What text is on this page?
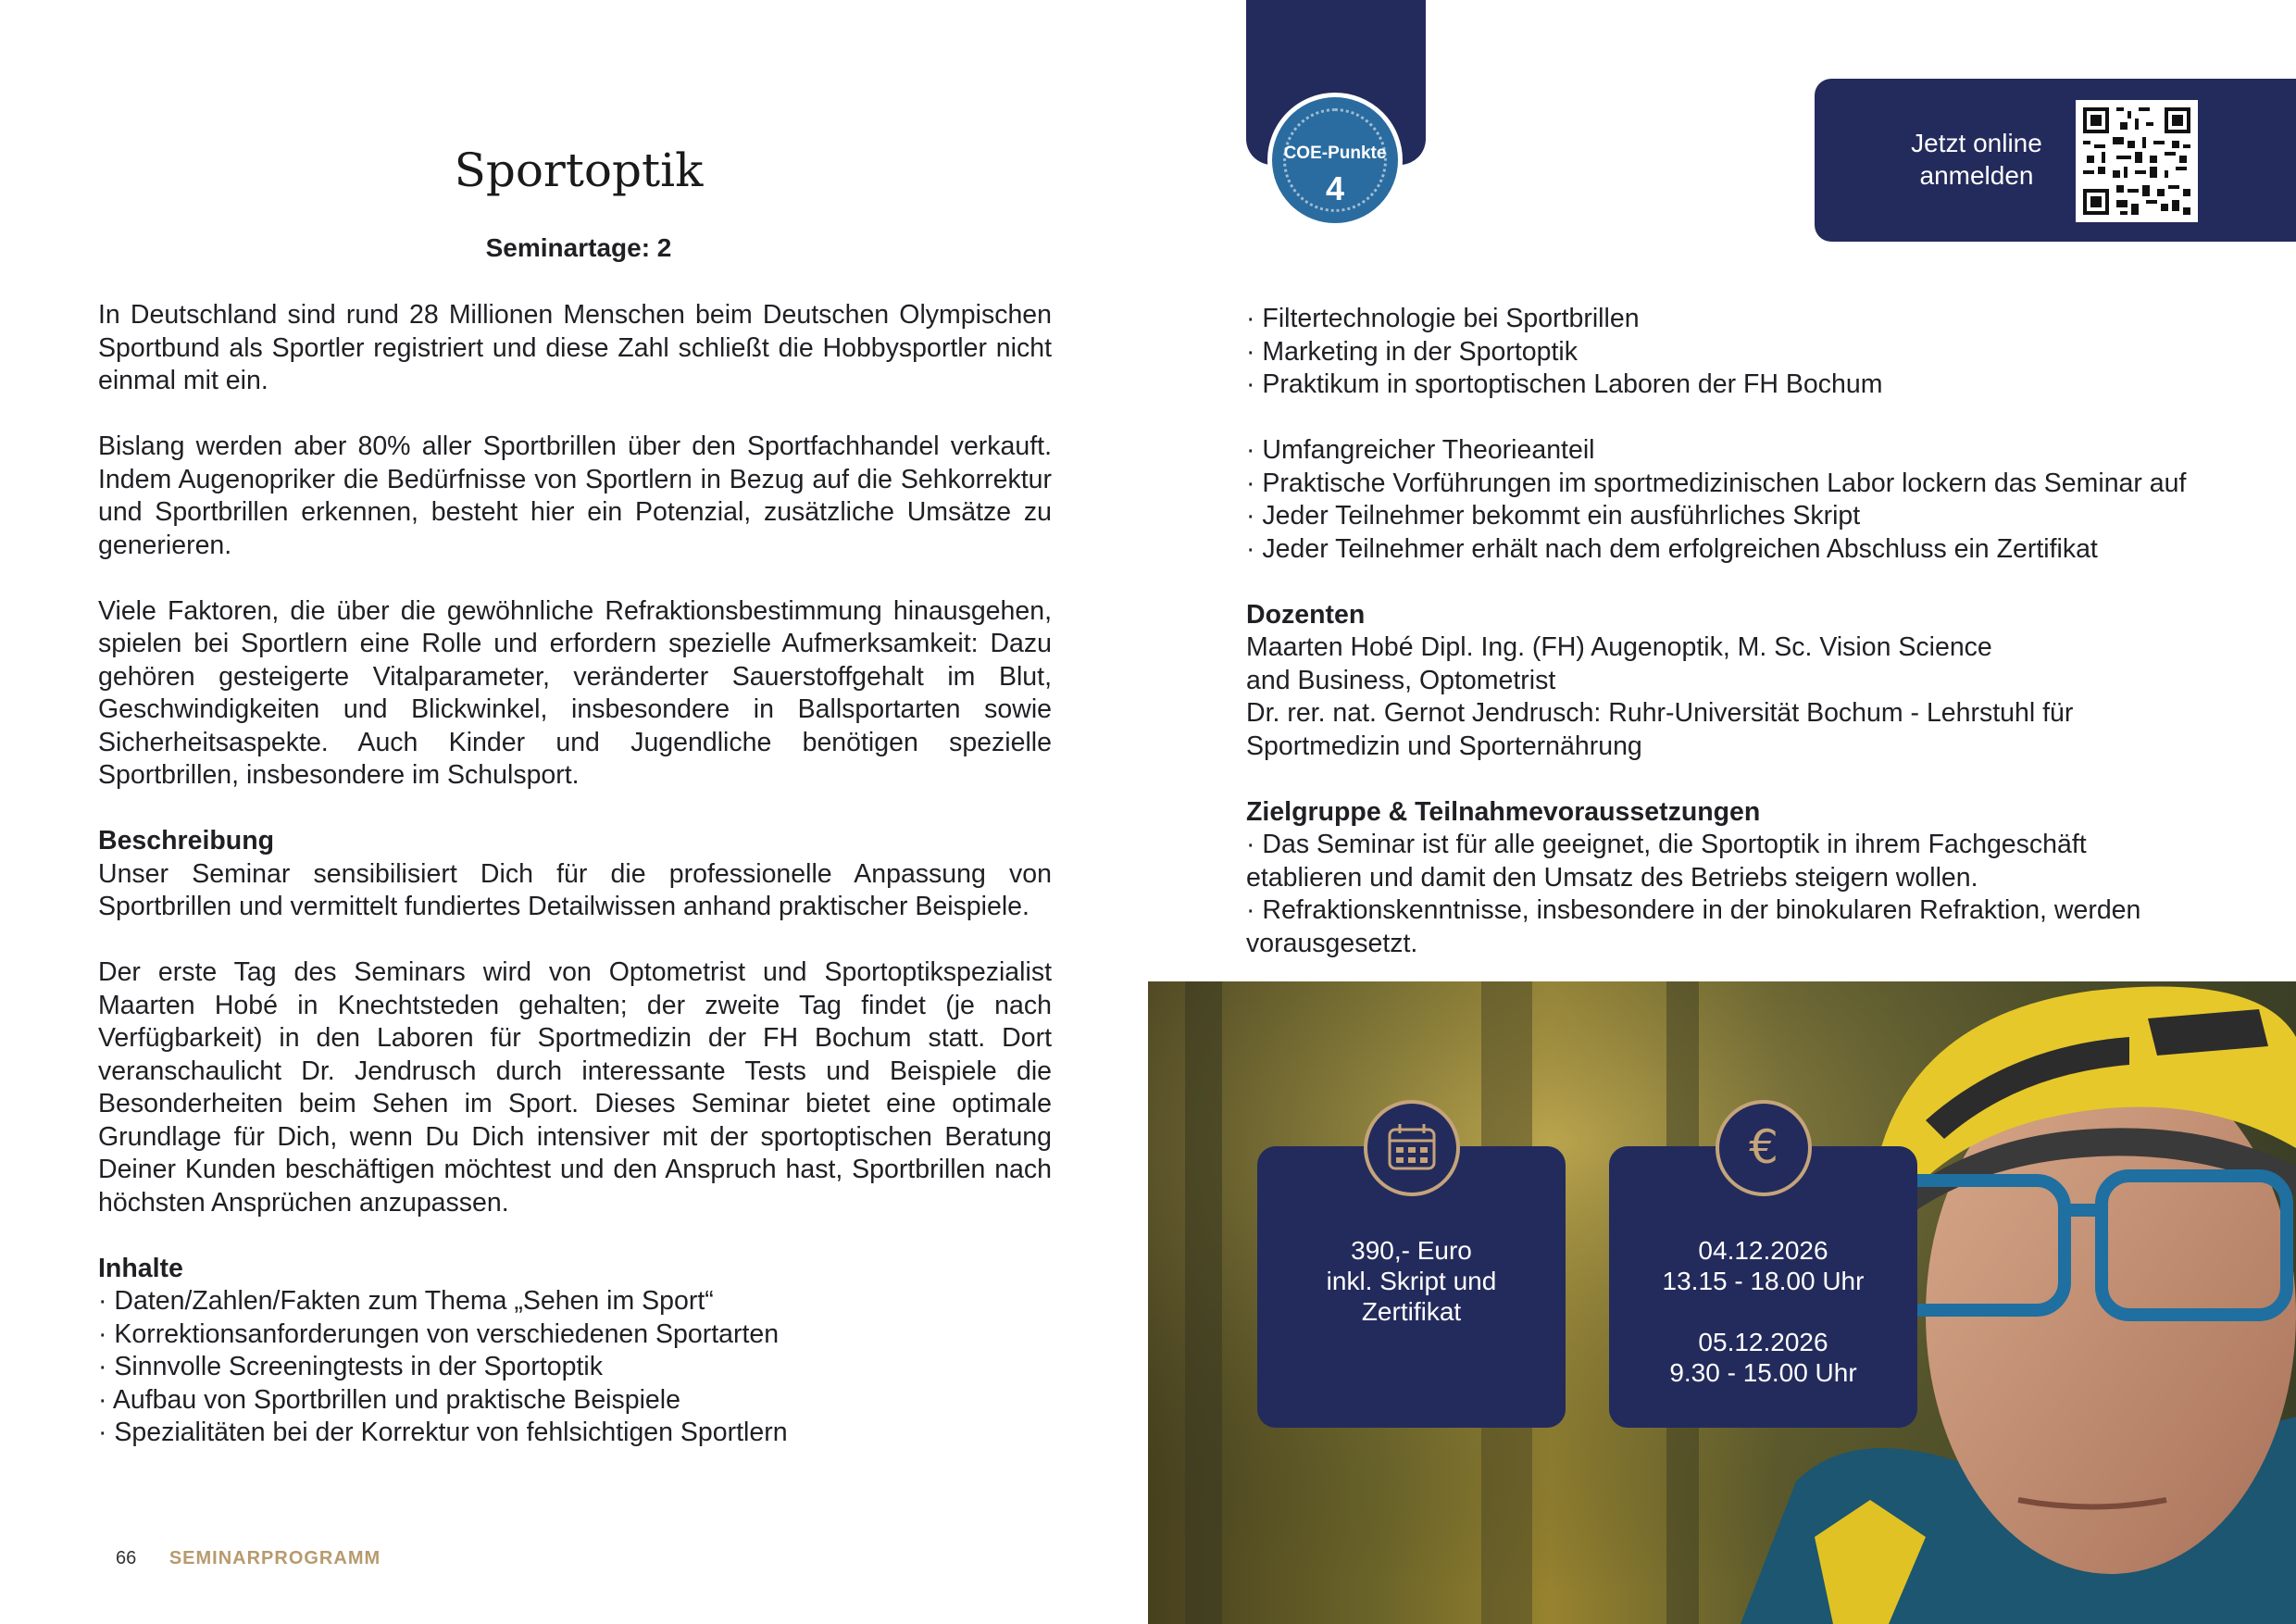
Sportoptik
Seminartage: 2

In Deutschland sind rund 28 Millionen Menschen beim Deutschen Olympischen Sportbund als Sportler registriert und diese Zahl schließt die Hobbysportler nicht einmal mit ein.

Bislang werden aber 80% aller Sportbrillen über den Sportfachhandel verkauft. Indem Augenopriker die Bedürfnisse von Sportlern in Bezug auf die Sehkorrektur und Sportbrillen erkennen, besteht hier ein Potenzial, zusätzliche Umsätze zu generieren.

Viele Faktoren, die über die gewöhnliche Refraktionsbestimmung hinausgehen, spielen bei Sportlern eine Rolle und erfordern spezielle Aufmerksamkeit: Dazu gehören gesteigerte Vitalparameter, veränderter Sauerstoffgehalt im Blut, Geschwindigkeiten und Blickwinkel, insbesondere in Ballsportarten sowie Sicherheitsaspekte. Auch Kinder und Jugendliche benötigen spezielle Sportbrillen, insbesondere im Schulsport.

Beschreibung
Unser Seminar sensibilisiert Dich für die professionelle Anpassung von Sportbrillen und vermittelt fundiertes Detailwissen anhand praktischer Beispiele.

Der erste Tag des Seminars wird von Optometrist und Sportoptikspezialist Maarten Hobé in Knechtsteden gehalten; der zweite Tag findet (je nach Verfügbarkeit) in den Laboren für Sportmedizin der FH Bochum statt. Dort veranschaulicht Dr. Jendrusch durch interessante Tests und Beispiele die Besonderheiten beim Sehen im Sport. Dieses Seminar bietet eine optimale Grundlage für Dich, wenn Du Dich intensiver mit der sportoptischen Beratung Deiner Kunden beschäftigen möchtest und den Anspruch hast, Sportbrillen nach höchsten Ansprüchen anzupassen.

Inhalte
· Daten/Zahlen/Fakten zum Thema „Sehen im Sport“
· Korrektionsanforderungen von verschiedenen Sportarten
· Sinnvolle Screeningtests in der Sportoptik
· Aufbau von Sportbrillen und praktische Beispiele
· Spezialitäten bei der Korrektur von fehlsichtigen Sportlern
66 SEMINARPROGRAMM
COE-Punkte
4
Jetzt online
anmelden

· Filtertechnologie bei Sportbrillen
· Marketing in der Sportoptik
· Praktikum in sportoptischen Laboren der FH Bochum

· Umfangreicher Theorieanteil
· Praktische Vorführungen im sportmedizinischen Labor lockern das Seminar auf
· Jeder Teilnehmer bekommt ein ausführliches Skript
· Jeder Teilnehmer erhält nach dem erfolgreichen Abschluss ein Zertifikat

Dozenten
Maarten Hobé Dipl. Ing. (FH) Augenoptik, M. Sc. Vision Science
and Business, Optometrist
Dr. rer. nat. Gernot Jendrusch: Ruhr-Universität Bochum - Lehrstuhl für Sportmedizin und Sporternährung

Zielgruppe & Teilnahmevoraussetzungen
· Das Seminar ist für alle geeignet, die Sportoptik in ihrem Fachgeschäft etablieren und damit den Umsatz des Betriebs steigern wollen.
· Refraktionskenntnisse, insbesondere in der binokularen Refraktion, werden vorausgesetzt.
390,- Euro
inkl. Skript und
Zertifikat
€
04.12.2026
13.15 - 18.00 Uhr
05.12.2026
9.30 - 15.00 Uhr
